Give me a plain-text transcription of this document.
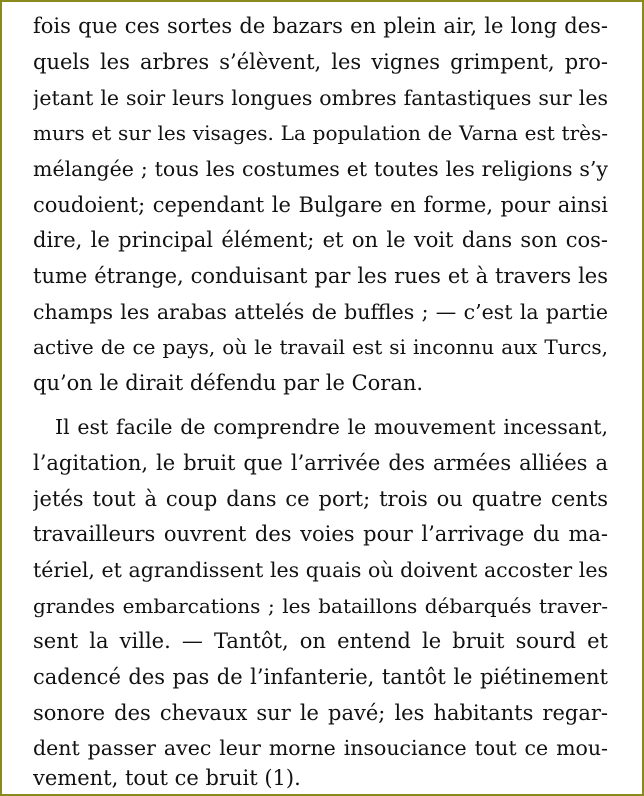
fois que ces sortes de bazars en plein air, le long des-
quels les arbres s’élèvent, les vignes grimpent, pro-
jetant le soir leurs longues ombres fantastiques sur les
murs et sur les visages. La population de Varna est très-
mélangée ; tous les costumes et toutes les religions s’y
coudoient; cependant le Bulgare en forme, pour ainsi
dire, le principal élément; et on le voit dans son cos-
tume étrange, conduisant par les rues et à travers les
champs les arabas attelés de buffles ; — c’est la partie
active de ce pays, où le travail est si inconnu aux Turcs,
qu’on le dirait défendu par le Coran.
Il est facile de comprendre le mouvement incessant,
l’agitation, le bruit que l’arrivée des armées alliées a
jetés tout à coup dans ce port; trois ou quatre cents
travailleurs ouvrent des voies pour l’arrivage du ma-
tériel, et agrandissent les quais où doivent accoster les
grandes embarcations ; les bataillons débarqués traver-
sent la ville. — Tantôt, on entend le bruit sourd et
cadencé des pas de l’infanterie, tantôt le piétinement
sonore des chevaux sur le pavé; les habitants regar-
dent passer avec leur morne insouciance tout ce mou-
vement, tout ce bruit (1).
